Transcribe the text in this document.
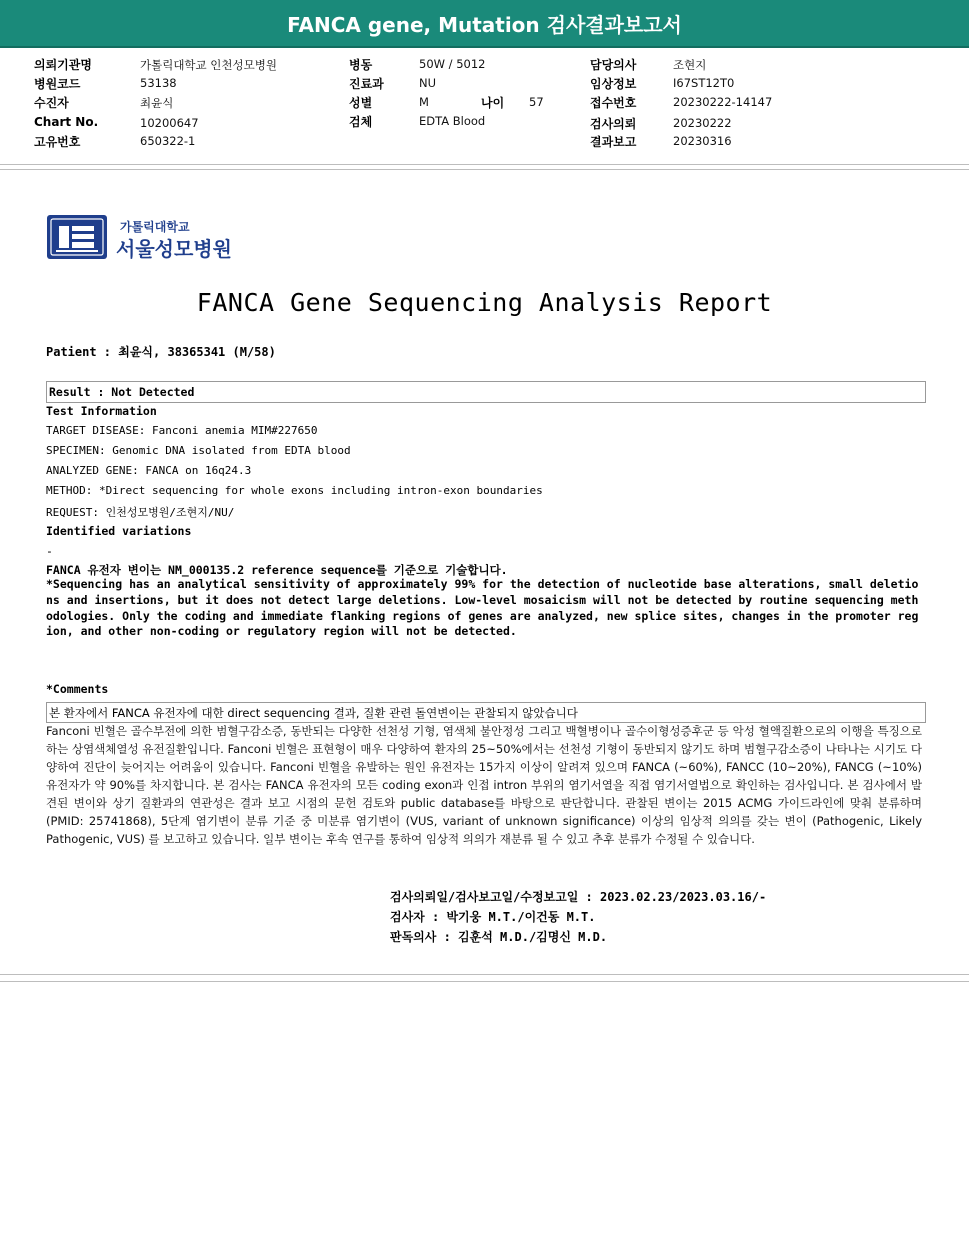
FANCA gene, Mutation 검사결과보고서
의뢰기관명	가톨릭대학교 인천성모병원
병원코드	53138
수진자	최윤식
Chart No.	10200647
고유번호	650322-1
병동	50W / 5012
진료과	NU
성별	M	나이 57
검체	EDTA Blood
담당의사	조현지
임상정보	I67ST12T0
접수번호	20230222-14147
검사의뢰	20230222
결과보고	20230316
가톨릭대학교
서울성모병원
FANCA Gene Sequencing Analysis Report
Patient : 최윤식, 38365341 (M/58)
Result : Not Detected
Test Information
TARGET DISEASE: Fanconi anemia MIM#227650
SPECIMEN: Genomic DNA isolated from EDTA blood
ANALYZED GENE: FANCA on 16q24.3
METHOD: *Direct sequencing for whole exons including intron-exon boundaries
REQUEST: 인천성모병원/조현지/NU/
Identified variations
-
FANCA 유전자 변이는 NM_000135.2 reference sequence를 기준으로 기술합니다.
*Sequencing has an analytical sensitivity of approximately 99% for the detection of nucleotide base alterations, small deletions and insertions, but it does not detect large deletions. Low-level mosaicism will not be detected by routine sequencing methodologies. Only the coding and immediate flanking regions of genes are analyzed, new splice sites, changes in the promoter region, and other non-coding or regulatory region will not be detected.
*Comments
본 환자에서 FANCA 유전자에 대한 direct sequencing 결과, 질환 관련 돌연변이는 관찰되지 않았습니다
Fanconi 빈혈은 골수부전에 의한 범혈구감소증, 동반되는 다양한 선천성 기형, 염색체 불안정성 그리고 백혈병이나 골수이형성증후군 등 악성 혈액질환으로의 이행을 특징으로 하는 상염색체열성 유전질환입니다. Fanconi 빈혈은 표현형이 매우 다양하여 환자의 25~50%에서는 선천성 기형이 동반되지 않기도 하며 범혈구감소증이 나타나는 시기도 다양하여 진단이 늦어지는 어려움이 있습니다. Fanconi 빈혈을 유발하는 원인 유전자는 15가지 이상이 알려져 있으며 FANCA (~60%), FANCC (10~20%), FANCG (~10%) 유전자가 약 90%를 차지합니다. 본 검사는 FANCA 유전자의 모든 coding exon과 인접 intron 부위의 염기서열을 직접 염기서열법으로 확인하는 검사입니다. 본 검사에서 발견된 변이와 상기 질환과의 연관성은 결과 보고 시점의 문헌 검토와 public database를 바탕으로 판단합니다. 관찰된 변이는 2015 ACMG 가이드라인에 맞춰 분류하며 (PMID: 25741868), 5단계 염기변이 분류 기준 중 미분류 염기변이 (VUS, variant of unknown significance) 이상의 임상적 의의를 갖는 변이 (Pathogenic, Likely Pathogenic, VUS) 를 보고하고 있습니다. 일부 변이는 후속 연구를 통하여 임상적 의의가 재분류 될 수 있고 추후 분류가 수정될 수 있습니다.
검사의뢰일/검사보고일/수정보고일 : 2023.02.23/2023.03.16/-
검사자 : 박기웅 M.T./이건동 M.T.
판독의사 : 김훈석 M.D./김명신 M.D.
